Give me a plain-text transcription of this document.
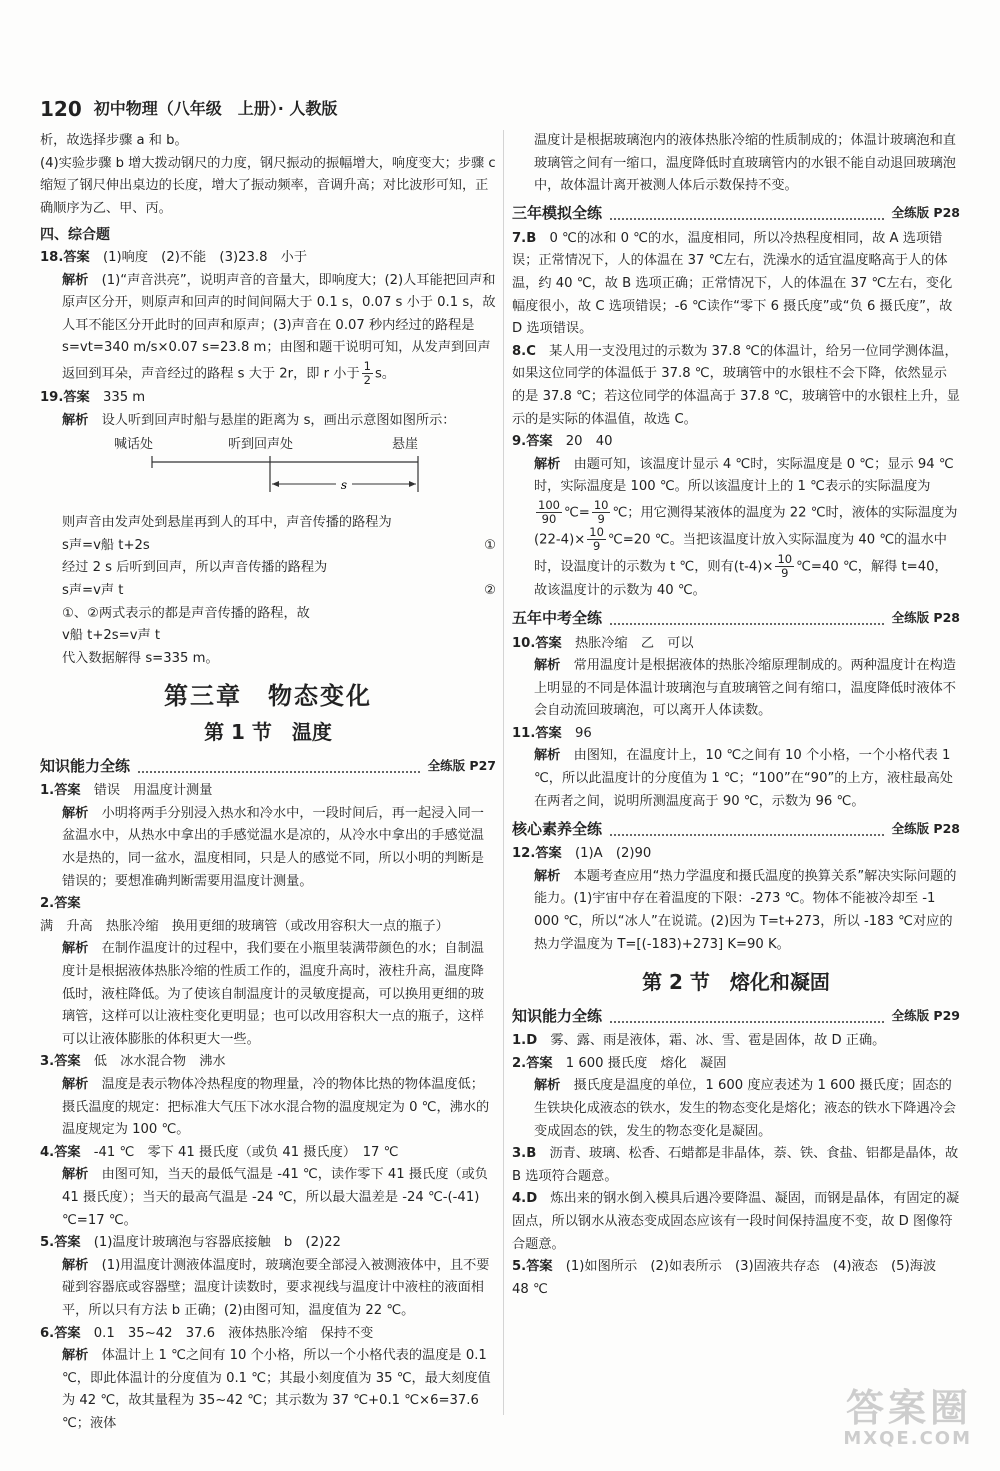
120 初中物理（八年级　上册）· 人教版

析，故选择步骤 a 和 b。

(4)实验步骤 b 增大拨动钢尺的力度，钢尺振动的振幅增大，响度变大；步骤 c 缩短了钢尺伸出桌边的长度，增大了振动频率，音调升高；对比波形可知，正确顺序为乙、甲、丙。

四、综合题

18.答案　 (1)响度　(2)不能　(3)23.8　小于

解析　 (1)“声音洪亮”，说明声音的音量大，即响度大；(2)人耳能把回声和原声区分开，则原声和回声的时间间隔大于 0.1 s，0.07 s 小于 0.1 s，故人耳不能区分开此时的回声和原声；(3)声音在 0.07 秒内经过的路程是 s=vt=340 m/s×0.07 s=23.8 m；由图和题干说明可知，从发声到回声返回到耳朵，声音经过的路程 s 大于 2r，即 r 小于 $\frac{1}{2}$ s。

19.答案　 335 m

解析　 设人听到回声时船与悬崖的距离为 s，画出示意图如图所示：

喊话处	听到回声处	悬崖
s

则声音由发声处到悬崖再到人的耳中，声音传播的路程为

s声=v船 t+2s	①

经过 2 s 后听到回声，所以声音传播的路程为

s声=v声 t	②

①、②两式表示的都是声音传播的路程，故

v船 t+2s=v声 t

代入数据解得 s=335 m。

第三章　物态变化
第 1 节　温度
知识能力全练	全练版 P27

1.答案　 错误　用温度计测量

解析　 小明将两手分别浸入热水和冷水中，一段时间后，再一起浸入同一盆温水中，从热水中拿出的手感觉温水是凉的，从冷水中拿出的手感觉温水是热的，同一盆水，温度相同，只是人的感觉不同，所以小明的判断是错误的；要想准确判断需要用温度计测量。

2.答案　满　升高　热胀冷缩　换用更细的玻璃管（或改用容积大一点的瓶子）

解析　 在制作温度计的过程中，我们要在小瓶里装满带颜色的水；自制温度计是根据液体热胀冷缩的性质工作的，温度升高时，液柱升高，温度降低时，液柱降低。为了使该自制温度计的灵敏度提高，可以换用更细的玻璃管，这样可以让液柱变化更明显；也可以改用容积大一点的瓶子，这样可以让液体膨胀的体积更大一些。

3.答案　 低　冰水混合物　沸水

解析　 温度是表示物体冷热程度的物理量，冷的物体比热的物体温度低；摄氏温度的规定：把标准大气压下冰水混合物的温度规定为 0 ℃，沸水的温度规定为 100 ℃。

4.答案　 -41 ℃　零下 41 摄氏度（或负 41 摄氏度）　17 ℃

解析　 由图可知，当天的最低气温是 -41 ℃，读作零下 41 摄氏度（或负 41 摄氏度）；当天的最高气温是 -24 ℃，所以最大温差是 -24 ℃-(-41) ℃=17 ℃。

5.答案　 (1)温度计玻璃泡与容器底接触　b　(2)22

解析　 (1)用温度计测液体温度时，玻璃泡要全部浸入被测液体中，且不要碰到容器底或容器壁；温度计读数时，要求视线与温度计中液柱的液面相平，所以只有方法 b 正确；(2)由图可知，温度值为 22 ℃。

6.答案　 0.1　35~42　37.6　液体热胀冷缩　保持不变

解析　 体温计上 1 ℃之间有 10 个小格，所以一个小格代表的温度是 0.1 ℃，即此体温计的分度值为 0.1 ℃；其最小刻度值为 35 ℃，最大刻度值为 42 ℃，故其量程为 35~42 ℃；其示数为 37 ℃+0.1 ℃×6=37.6 ℃；液体

温度计是根据玻璃泡内的液体热胀冷缩的性质制成的；体温计玻璃泡和直玻璃管之间有一缩口，温度降低时直玻璃管内的水银不能自动退回玻璃泡中，故体温计离开被测人体后示数保持不变。

三年模拟全练	全练版 P28

7.B　 0 ℃的冰和 0 ℃的水，温度相同，所以冷热程度相同，故 A 选项错误；正常情况下，人的体温在 37 ℃左右，洗澡水的适宜温度略高于人的体温，约 40 ℃，故 B 选项正确；正常情况下，人的体温在 37 ℃左右，变化幅度很小，故 C 选项错误；-6 ℃读作“零下 6 摄氏度”或“负 6 摄氏度”，故 D 选项错误。

8.C　 某人用一支没甩过的示数为 37.8 ℃的体温计，给另一位同学测体温，如果这位同学的体温低于 37.8 ℃，玻璃管中的水银柱不会下降，依然显示的是 37.8 ℃；若这位同学的体温高于 37.8 ℃，玻璃管中的水银柱上升，显示的是实际的体温值，故选 C。

9.答案　 20　40

解析　 由题可知，该温度计显示 4 ℃时，实际温度是 0 ℃；显示 94 ℃时，实际温度是 100 ℃。所以该温度计上的 1 ℃表示的实际温度为
$\frac{100}{90}$ ℃= $\frac{10}{9}$ ℃；用它测得某液体的温度为 22 ℃时，液体的实际温度为$(22-4)\times \frac{10}{9}$ ℃=20 ℃。当把该温度计放入实际温度为 40 ℃的温水中时，设温度计的示数为 t ℃，则有$(t-4)\times \frac{10}{9}$ ℃=40 ℃，解得 t=40，故该温度计的示数为 40 ℃。

五年中考全练	全练版 P28

10.答案　 热胀冷缩　乙　可以

解析　 常用温度计是根据液体的热胀冷缩原理制成的。两种温度计在构造上明显的不同是体温计玻璃泡与直玻璃管之间有缩口，温度降低时液体不会自动流回玻璃泡，可以离开人体读数。

11.答案　 96

解析　 由图知，在温度计上，10 ℃之间有 10 个小格，一个小格代表 1 ℃，所以此温度计的分度值为 1 ℃；“100”在“90”的上方，液柱最高处在两者之间，说明所测温度高于 90 ℃，示数为 96 ℃。

核心素养全练	全练版 P28

12.答案　 (1)A　(2)90

解析　 本题考查应用“热力学温度和摄氏温度的换算关系”解决实际问题的能力。(1)宇宙中存在着温度的下限：-273 ℃。物体不能被冷却至 -1 000 ℃，所以“冰人”在说谎。(2)因为 T=t+273，所以 -183 ℃对应的热力学温度为 T=[(-183)+273] K=90 K。

第 2 节　熔化和凝固
知识能力全练	全练版 P29

1.D　 雾、露、雨是液体，霜、冰、雪、雹是固体，故 D 正确。

2.答案　 1 600 摄氏度　熔化　凝固

解析　 摄氏度是温度的单位，1 600 度应表述为 1 600 摄氏度；固态的生铁块化成液态的铁水，发生的物态变化是熔化；液态的铁水下降遇冷会变成固态的铁，发生的物态变化是凝固。

3.B　 沥青、玻璃、松香、石蜡都是非晶体，萘、铁、食盐、铝都是晶体，故 B 选项符合题意。

4.D　 炼出来的钢水倒入模具后遇冷要降温、凝固，而钢是晶体，有固定的凝固点，所以钢水从液态变成固态应该有一段时间保持温度不变，故 D 图像符合题意。

5.答案　 (1)如图所示　(2)如表所示　(3)固液共存态　(4)液态　(5)海波　48 ℃

答案圈
MXQE.COM
